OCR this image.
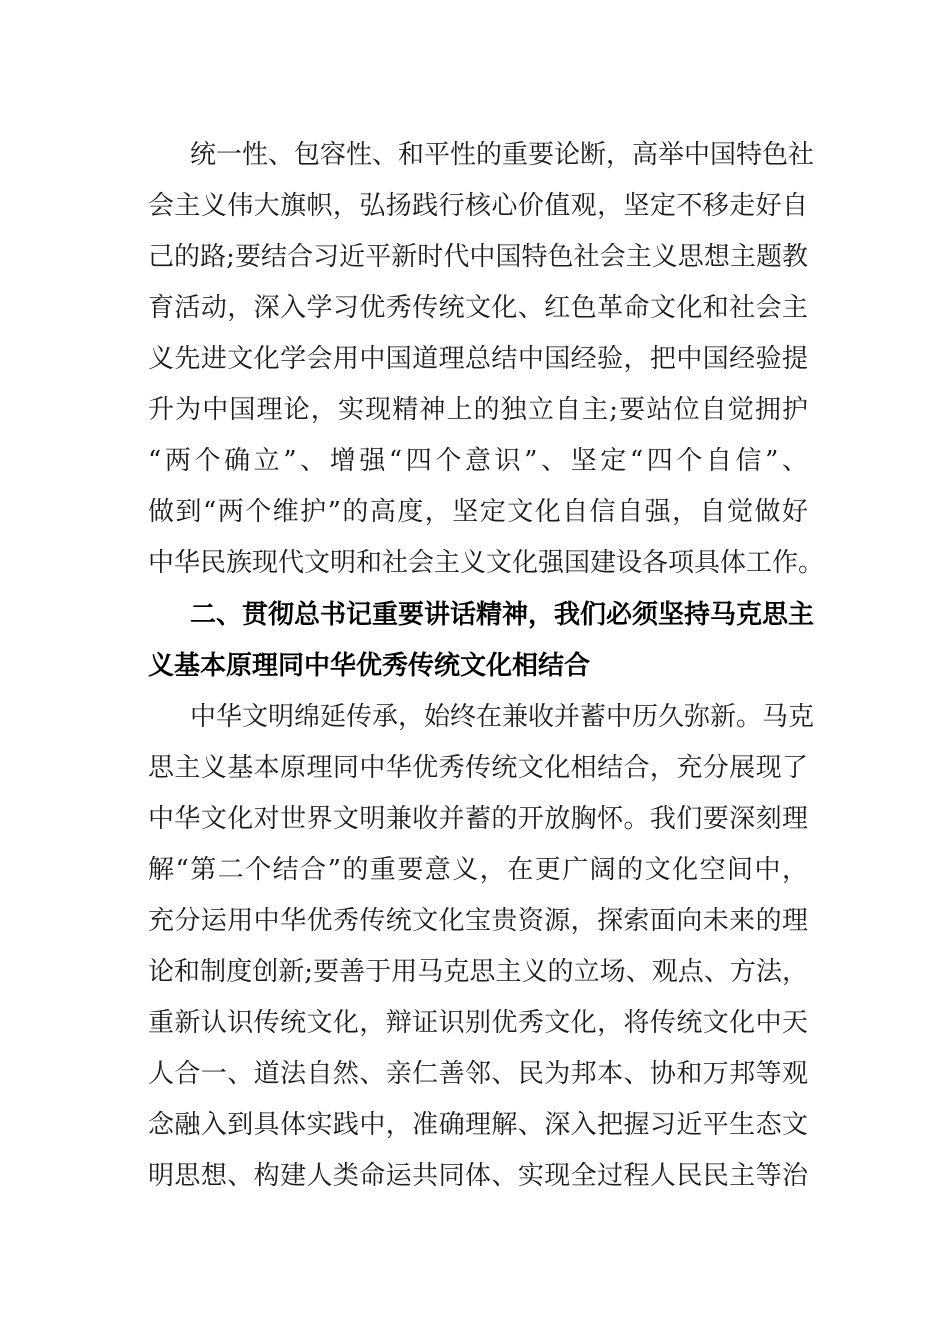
统一性、包容性、和平性的重要论断，高举中国特色社
会主义伟大旗帜，弘扬践行核心价值观，坚定不移走好自
己的路;要结合习近平新时代中国特色社会主义思想主题教
育活动，深入学习优秀传统文化、红色革命文化和社会主
义先进文化学会用中国道理总结中国经验，把中国经验提
升为中国理论，实现精神上的独立自主;要站位自觉拥护
“两个确立”、增强“四个意识”、坚定“四个自信”、
做到“两个维护”的高度，坚定文化自信自强，自觉做好
中华民族现代文明和社会主义文化强国建设各项具体工作。
二、贯彻总书记重要讲话精神，我们必须坚持马克思主
义基本原理同中华优秀传统文化相结合
中华文明绵延传承，始终在兼收并蓄中历久弥新。马克
思主义基本原理同中华优秀传统文化相结合，充分展现了
中华文化对世界文明兼收并蓄的开放胸怀。我们要深刻理
解“第二个结合”的重要意义，在更广阔的文化空间中，
充分运用中华优秀传统文化宝贵资源，探索面向未来的理
论和制度创新;要善于用马克思主义的立场、观点、方法，
重新认识传统文化，辩证识别优秀文化，将传统文化中天
人合一、道法自然、亲仁善邻、民为邦本、协和万邦等观
念融入到具体实践中，准确理解、深入把握习近平生态文
明思想、构建人类命运共同体、实现全过程人民民主等治
